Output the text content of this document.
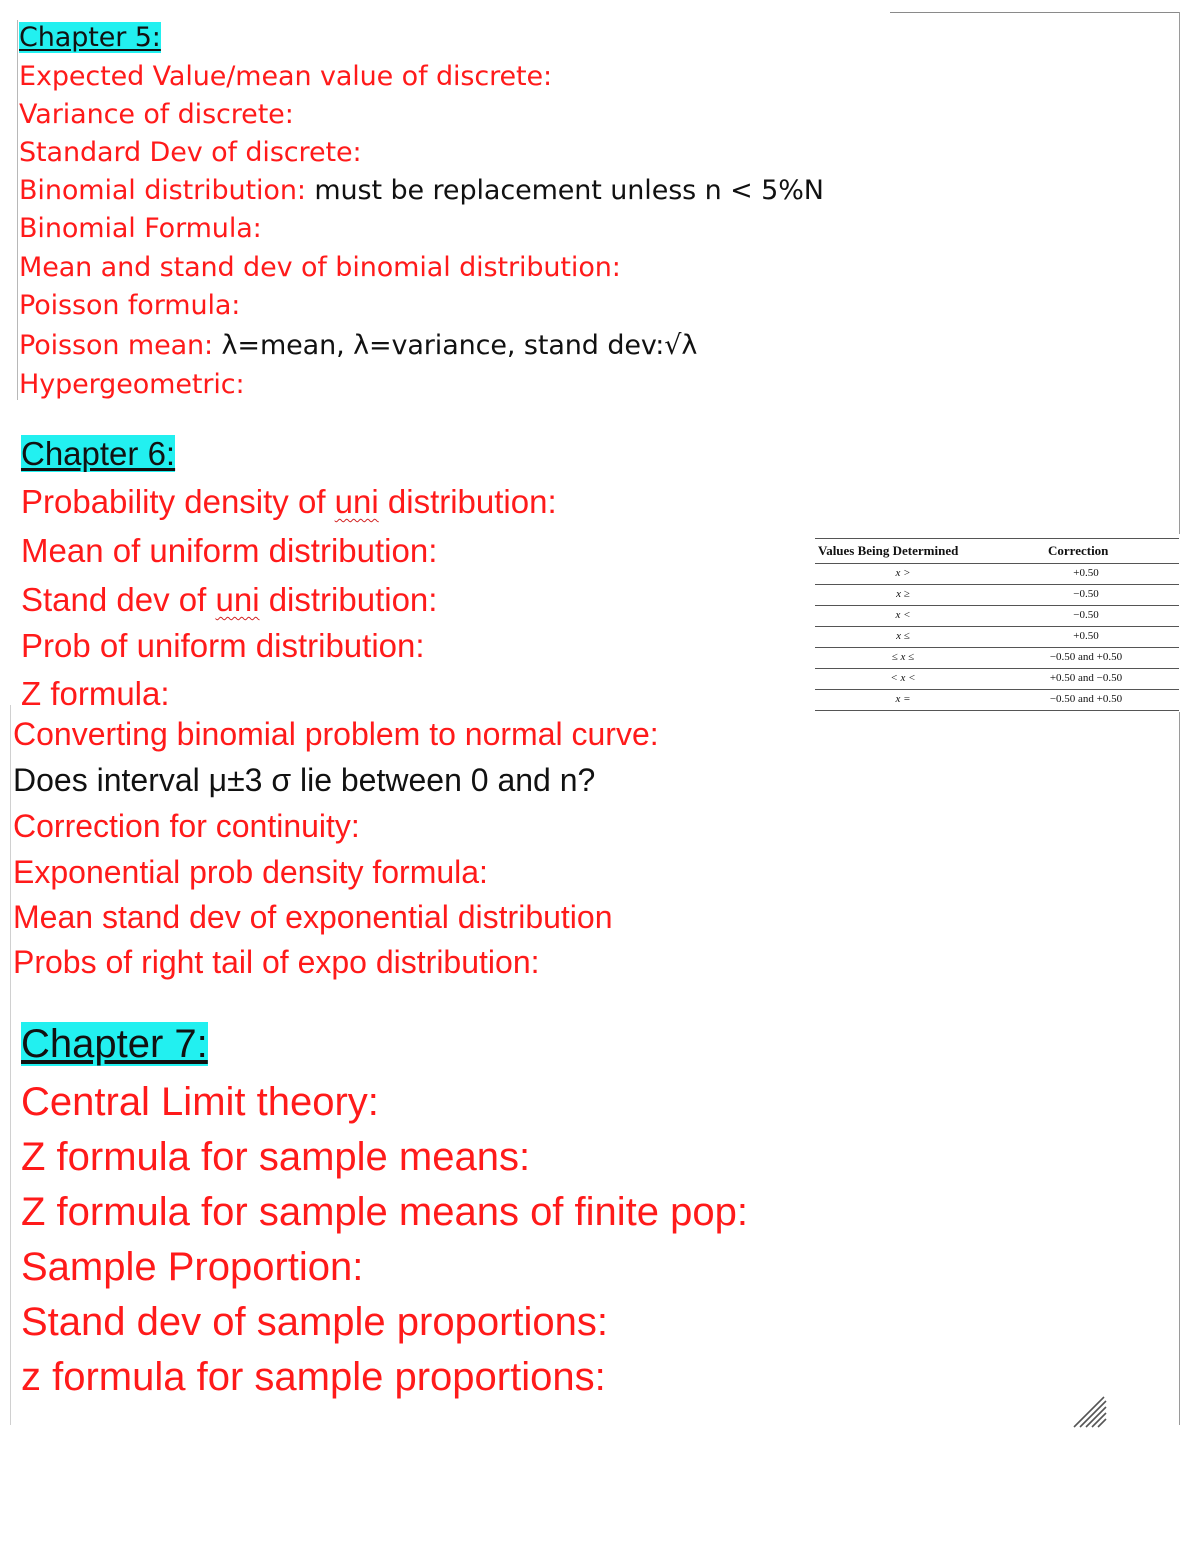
Chapter 5:
Expected Value/mean value of discrete:
Variance of discrete:
Standard Dev of discrete:
Binomial distribution: must be replacement unless n < 5%N
Binomial Formula:
Mean and stand dev of binomial distribution:
Poisson formula:
Poisson mean: λ=mean, λ=variance, stand dev:√λ
Hypergeometric:
Chapter 6:
Probability density of uni distribution:
Mean of uniform distribution:
Stand dev of uni distribution:
Prob of uniform distribution:
Z formula:
Converting binomial problem to normal curve:
Does interval μ±3 σ lie between 0 and n?
Correction for continuity:
Exponential prob density formula:
Mean stand dev of exponential distribution
Probs of right tail of expo distribution:
Values Being Determined	Correction
x >	+0.50
x ≥	−0.50
x <	−0.50
x ≤	+0.50
≤ x ≤	−0.50 and +0.50
< x <	+0.50 and −0.50
x =	−0.50 and +0.50
Chapter 7:
Central Limit theory:
Z formula for sample means:
Z formula for sample means of finite pop:
Sample Proportion:
Stand dev of sample proportions:
z formula for sample proportions:
